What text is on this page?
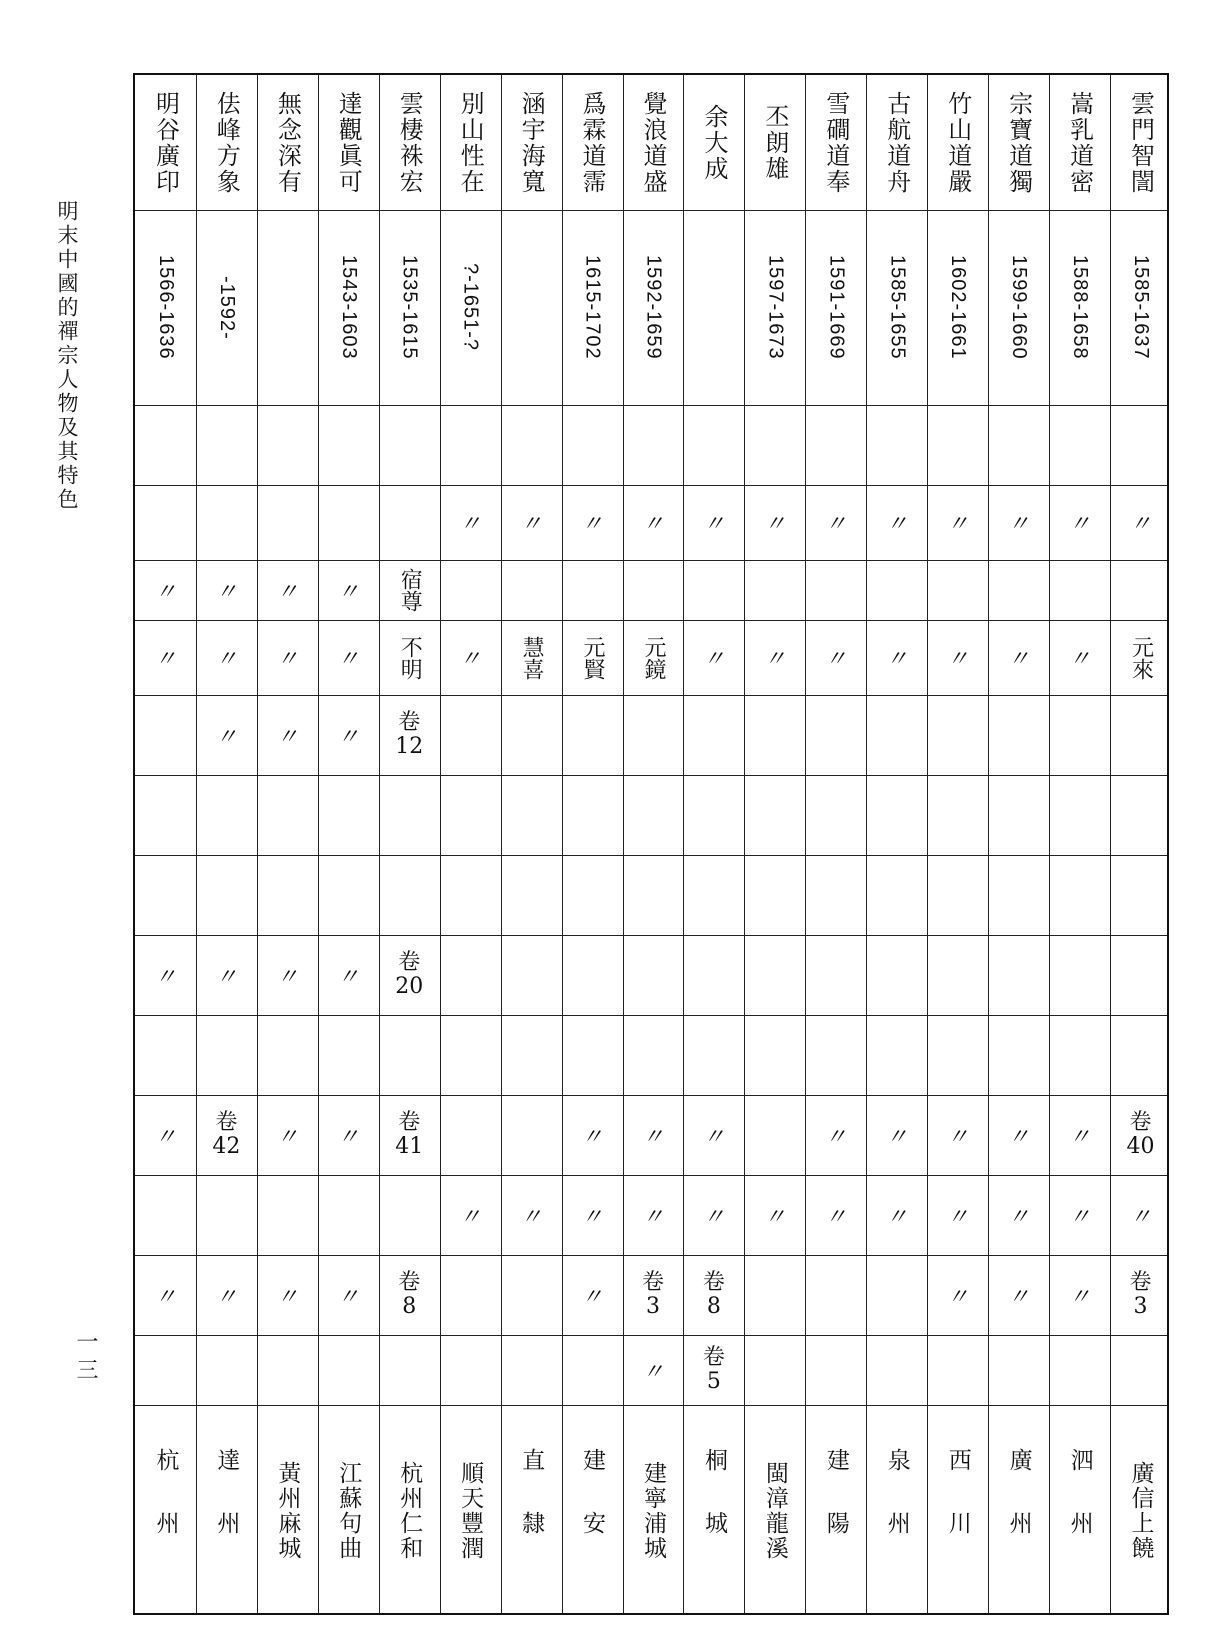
明末中國的禪宗人物及其特色
一三
雲門智誾
1585-1637
〃
元來
卷
40
〃
卷
3
廣信上饒
嵩乳道密
1588-1658
〃
〃
〃
〃
〃
泗州
宗寶道獨
1599-1660
〃
〃
〃
〃
〃
廣州
竹山道嚴
1602-1661
〃
〃
〃
〃
〃
西川
古航道舟
1585-1655
〃
〃
〃
〃
泉州
雪磵道奉
1591-1669
〃
〃
〃
〃
建陽
丕朗雄
1597-1673
〃
〃
〃
閩漳龍溪
余大成
〃
〃
〃
〃
卷
8
卷
5
桐城
覺浪道盛
1592-1659
〃
元鏡
〃
〃
卷
3
〃
建寧浦城
爲霖道霈
1615-1702
〃
元賢
〃
〃
〃
建安
涵宇海寬
〃
慧喜
〃
直隸
別山性在
?-1651-?
〃
〃
〃
順天豐潤
雲棲袾宏
1535-1615
宿尊
不明
卷
12
卷
20
卷
41
卷
8
杭州仁和
達觀眞可
1543-1603
〃
〃
〃
〃
〃
〃
江蘇句曲
無念深有
〃
〃
〃
〃
〃
〃
黃州麻城
佉峰方象
-1592-
〃
〃
〃
〃
卷
42
〃
達州
明谷廣印
1566-1636
〃
〃
〃
〃
〃
杭州
